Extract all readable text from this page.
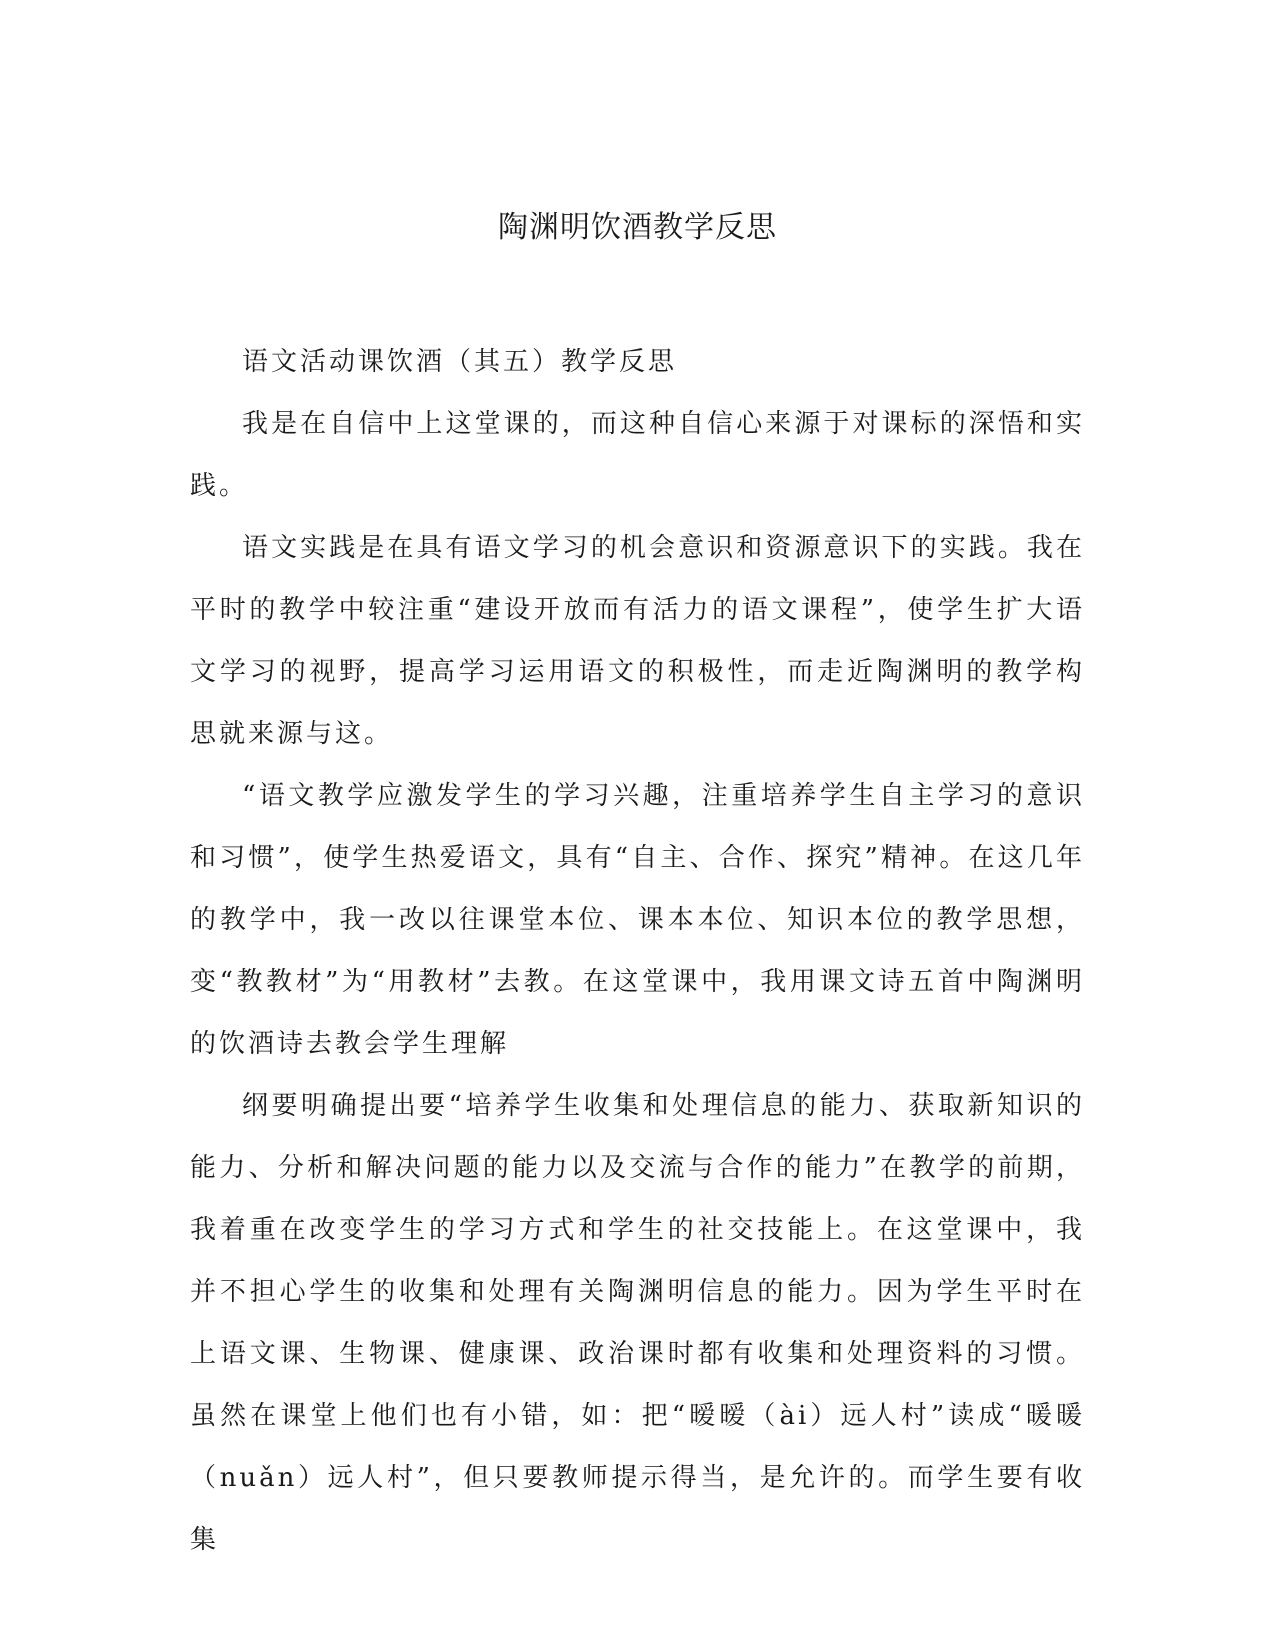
陶渊明饮酒教学反思

语文活动课饮酒（其五）教学反思

我是在自信中上这堂课的，而这种自信心来源于对课标的深悟和实践。

语文实践是在具有语文学习的机会意识和资源意识下的实践。我在平时的教学中较注重“建设开放而有活力的语文课程”，使学生扩大语文学习的视野，提高学习运用语文的积极性，而走近陶渊明的教学构思就来源与这。

“语文教学应激发学生的学习兴趣，注重培养学生自主学习的意识和习惯”，使学生热爱语文，具有“自主、合作、探究”精神。在这几年的教学中，我一改以往课堂本位、课本本位、知识本位的教学思想，变“教教材”为“用教材”去教。在这堂课中，我用课文诗五首中陶渊明的饮酒诗去教会学生理解

纲要明确提出要“培养学生收集和处理信息的能力、获取新知识的能力、分析和解决问题的能力以及交流与合作的能力”在教学的前期，我着重在改变学生的学习方式和学生的社交技能上。在这堂课中，我并不担心学生的收集和处理有关陶渊明信息的能力。因为学生平时在上语文课、生物课、健康课、政治课时都有收集和处理资料的习惯。虽然在课堂上他们也有小错，如：把“暧暧（ài）远人村”读成“暖暖（nuǎn）远人村”，但只要教师提示得当，是允许的。而学生要有收集
